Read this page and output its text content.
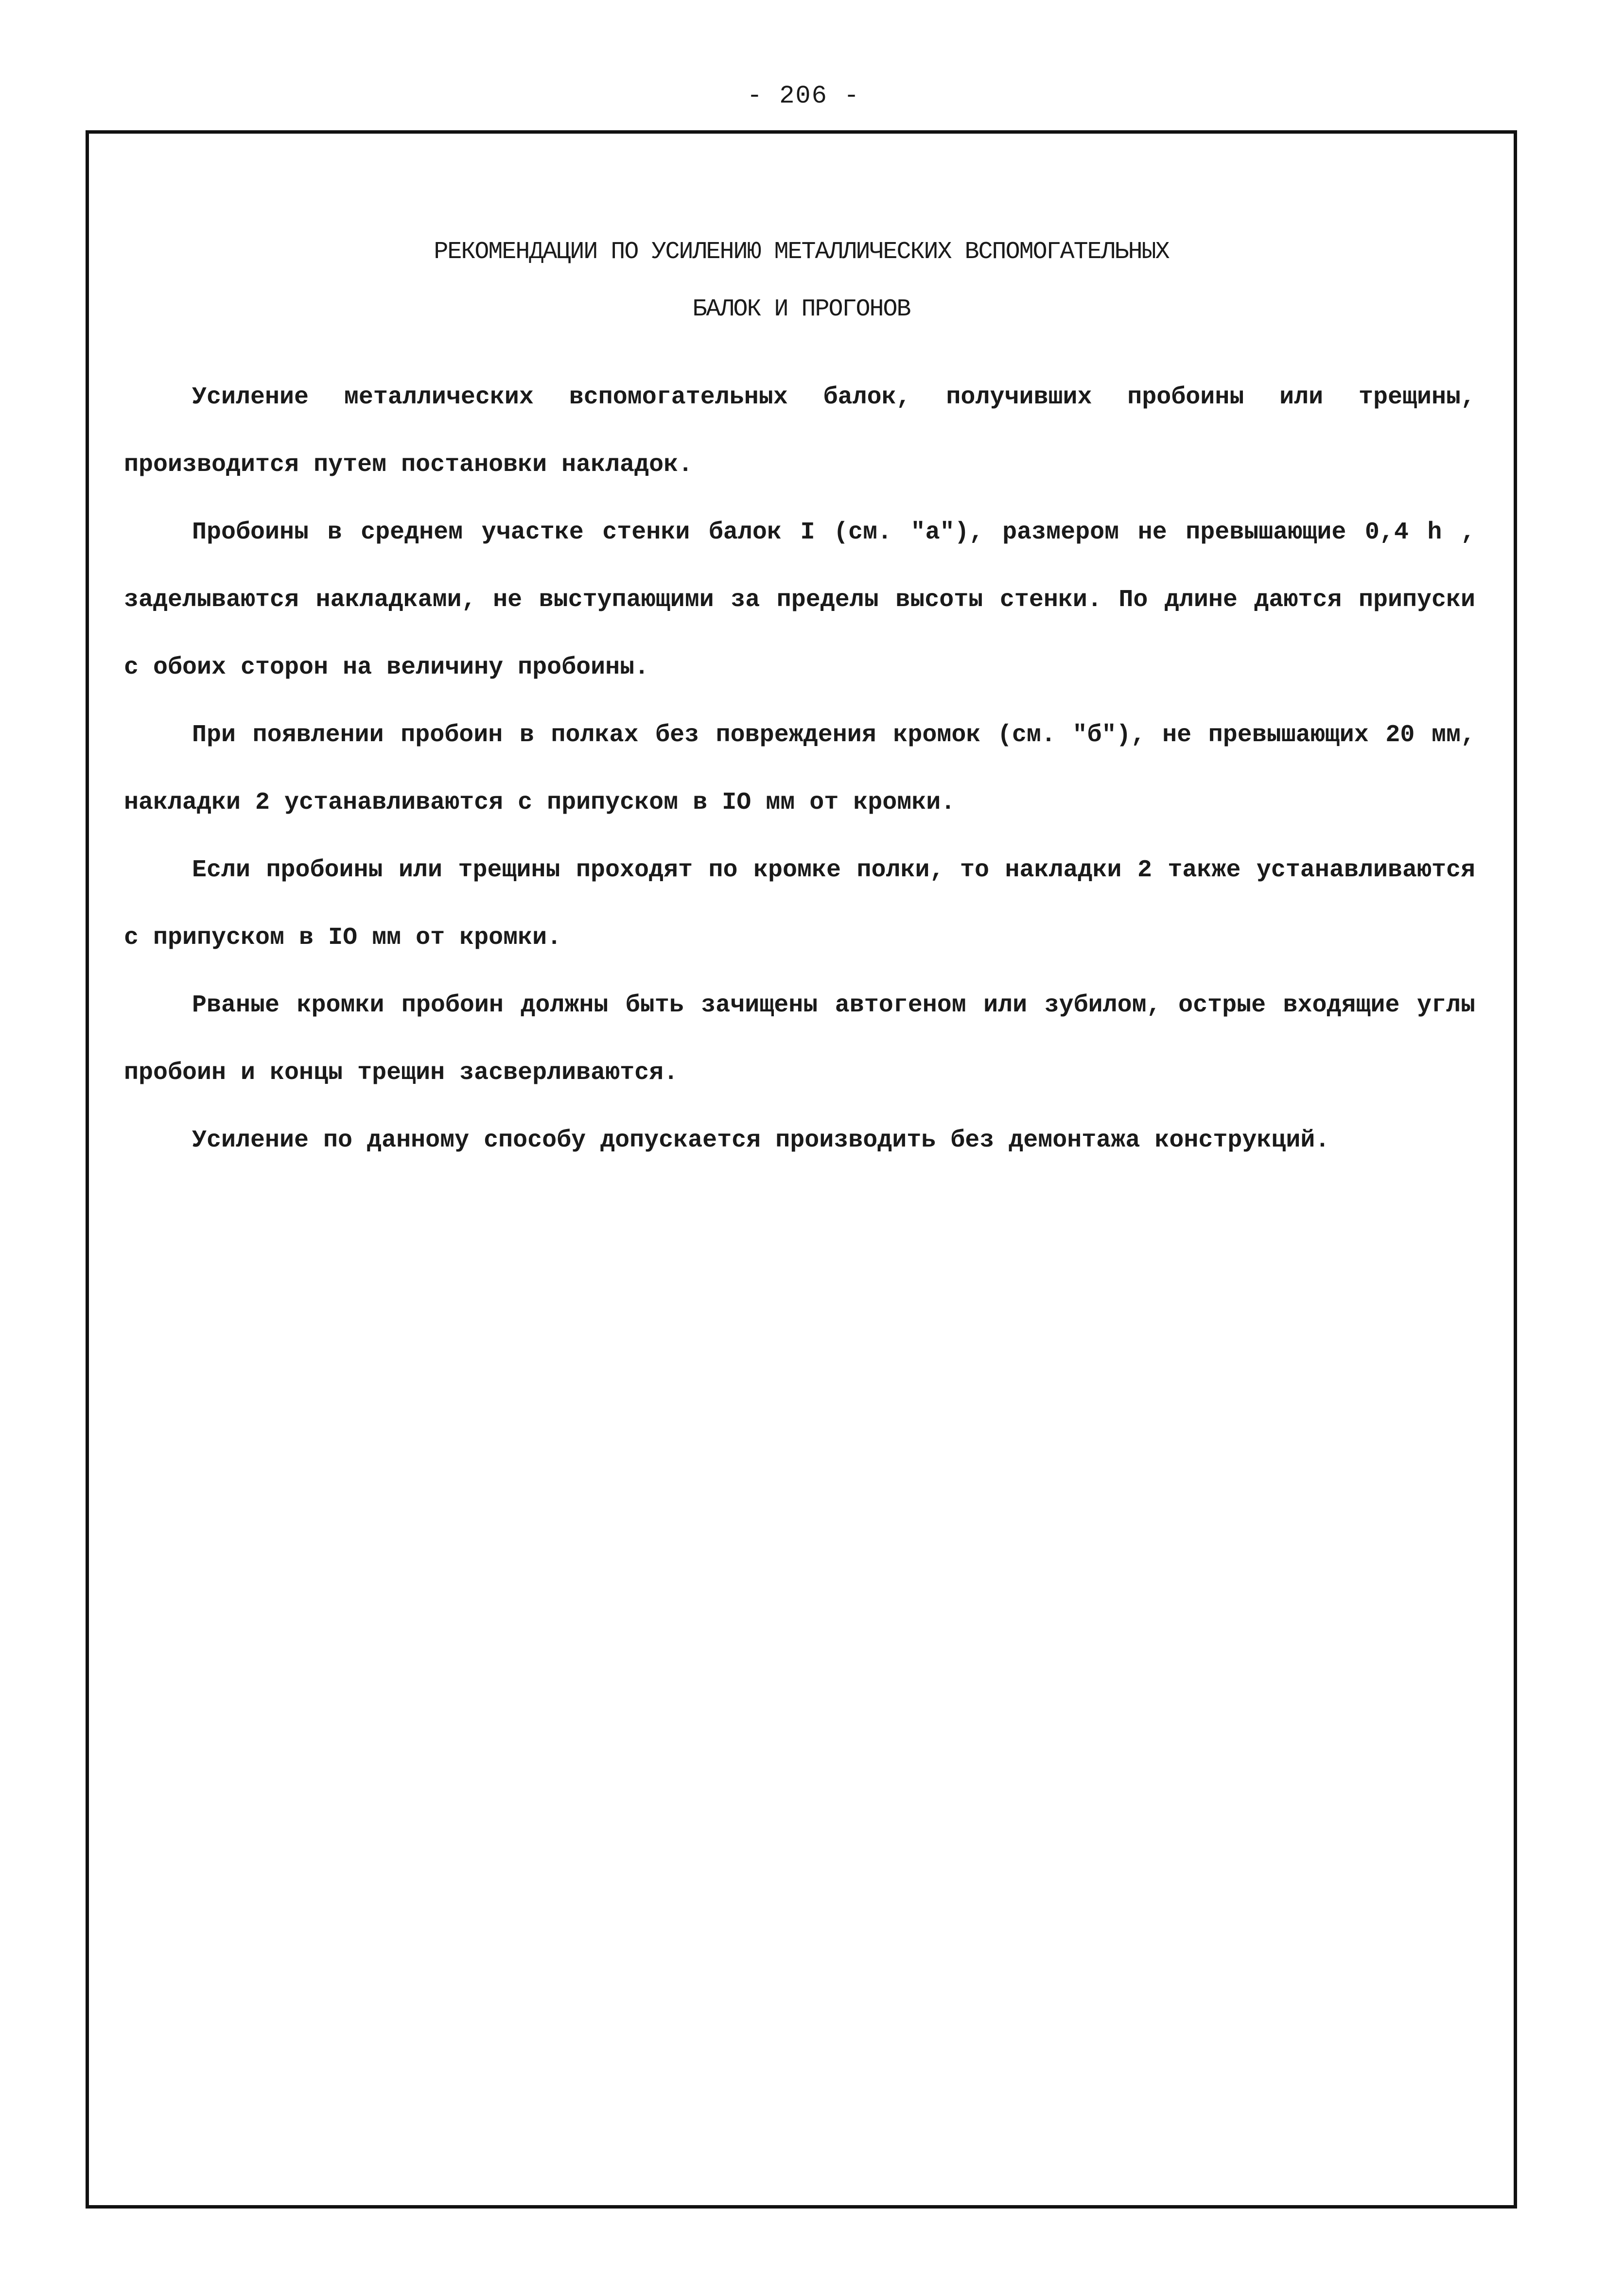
- 206 -
РЕКОМЕНДАЦИИ ПО УСИЛЕНИЮ МЕТАЛЛИЧЕСКИХ ВСПОМОГАТЕЛЬНЫХ
БАЛОК И ПРОГОНОВ

Усиление металлических вспомогательных балок, получивших пробоины или трещины, производится путем постановки накладок.

Пробоины в среднем участке стенки балок I (см. "а"), размером не превышающие 0,4 h , заделываются накладками, не выступающими за пределы высоты стенки. По длине даются припуски с обоих сторон на величину пробоины.

При появлении пробоин в полках без повреждения кромок (см. "б"), не превышающих 20 мм, накладки 2 устанавливаются с припуском в IO мм от кромки.

Если пробоины или трещины проходят по кромке полки, то накладки 2 также устанавливаются с припуском в IO мм от кромки.

Рваные кромки пробоин должны быть зачищены автогеном или зубилом, острые входящие углы пробоин и концы трещин засверливаются.

Усиление по данному способу допускается производить без демонтажа конструкций.
